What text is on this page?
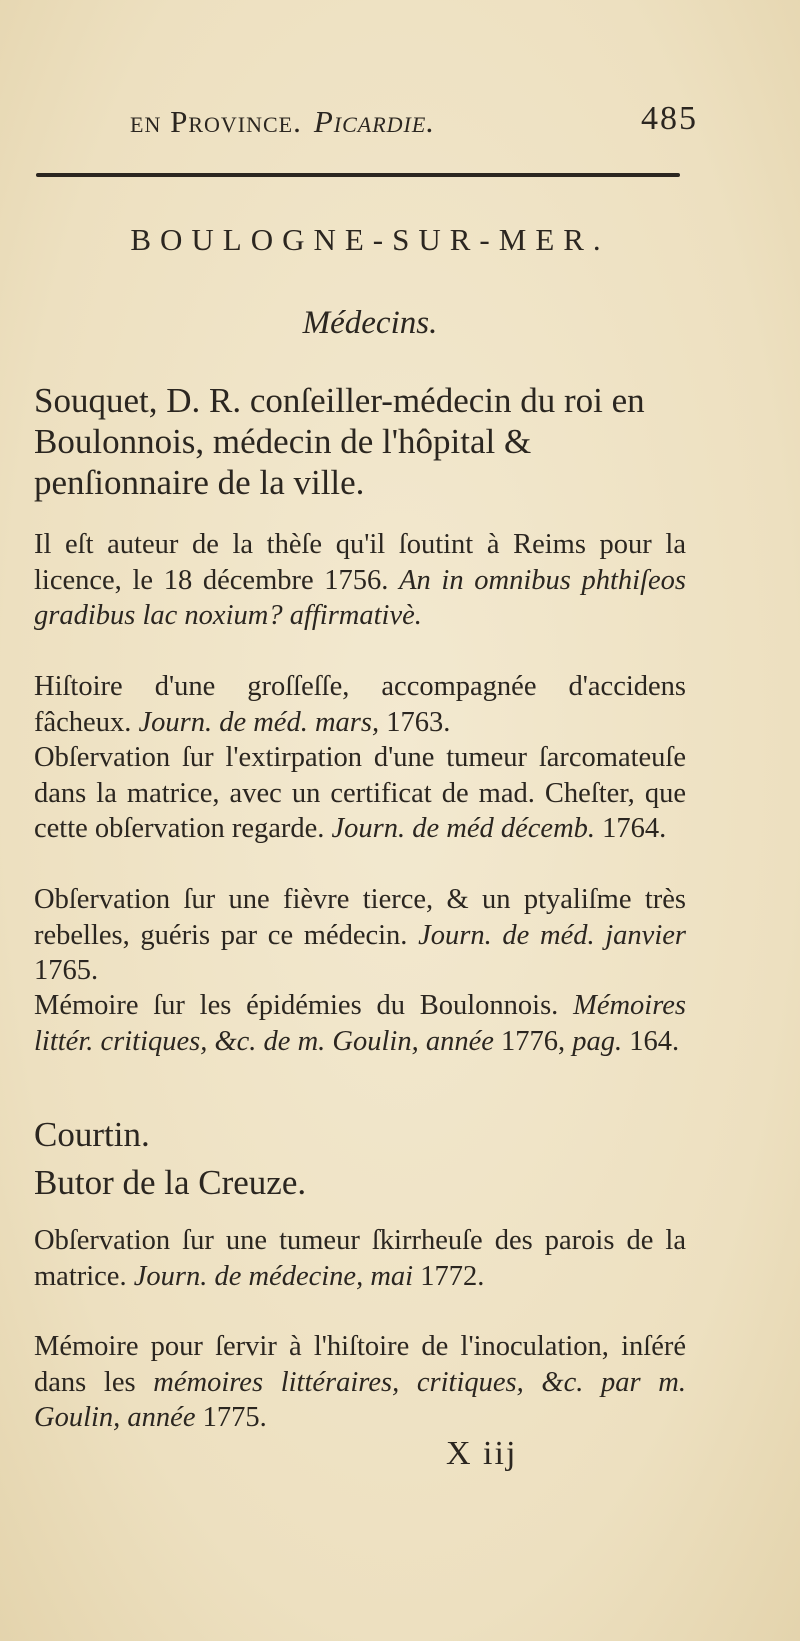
en Province. Picardie.	485
BOULOGNE-SUR-MER.
Médecins.
Souquet, D. R. conſeiller-médecin du roi en Boulonnois, médecin de l'hôpital & penſionnaire de la ville.
Il eſt auteur de la thèſe qu'il ſoutint à Reims pour la licence, le 18 décembre 1756. An in omnibus phthiſeos gradibus lac noxium? affirmativè.
Hiſtoire d'une groſſeſſe, accompagnée d'accidens fâcheux. Journ. de méd. mars, 1763.
Obſervation ſur l'extirpation d'une tumeur ſarcomateuſe dans la matrice, avec un certificat de mad. Cheſter, que cette obſervation regarde. Journ. de méd décemb. 1764.
Obſervation ſur une fièvre tierce, & un ptyaliſme très rebelles, guéris par ce médecin. Journ. de méd. janvier 1765.
Mémoire ſur les épidémies du Boulonnois. Mémoires littér. critiques, &c. de m. Goulin, année 1776, pag. 164.
Courtin.
Butor de la Creuze.
Obſervation ſur une tumeur ſkirrheuſe des parois de la matrice. Journ. de médecine, mai 1772.
Mémoire pour ſervir à l'hiſtoire de l'inoculation, inſéré dans les mémoires littéraires, critiques, &c. par m. Goulin, année 1775.
X iij
